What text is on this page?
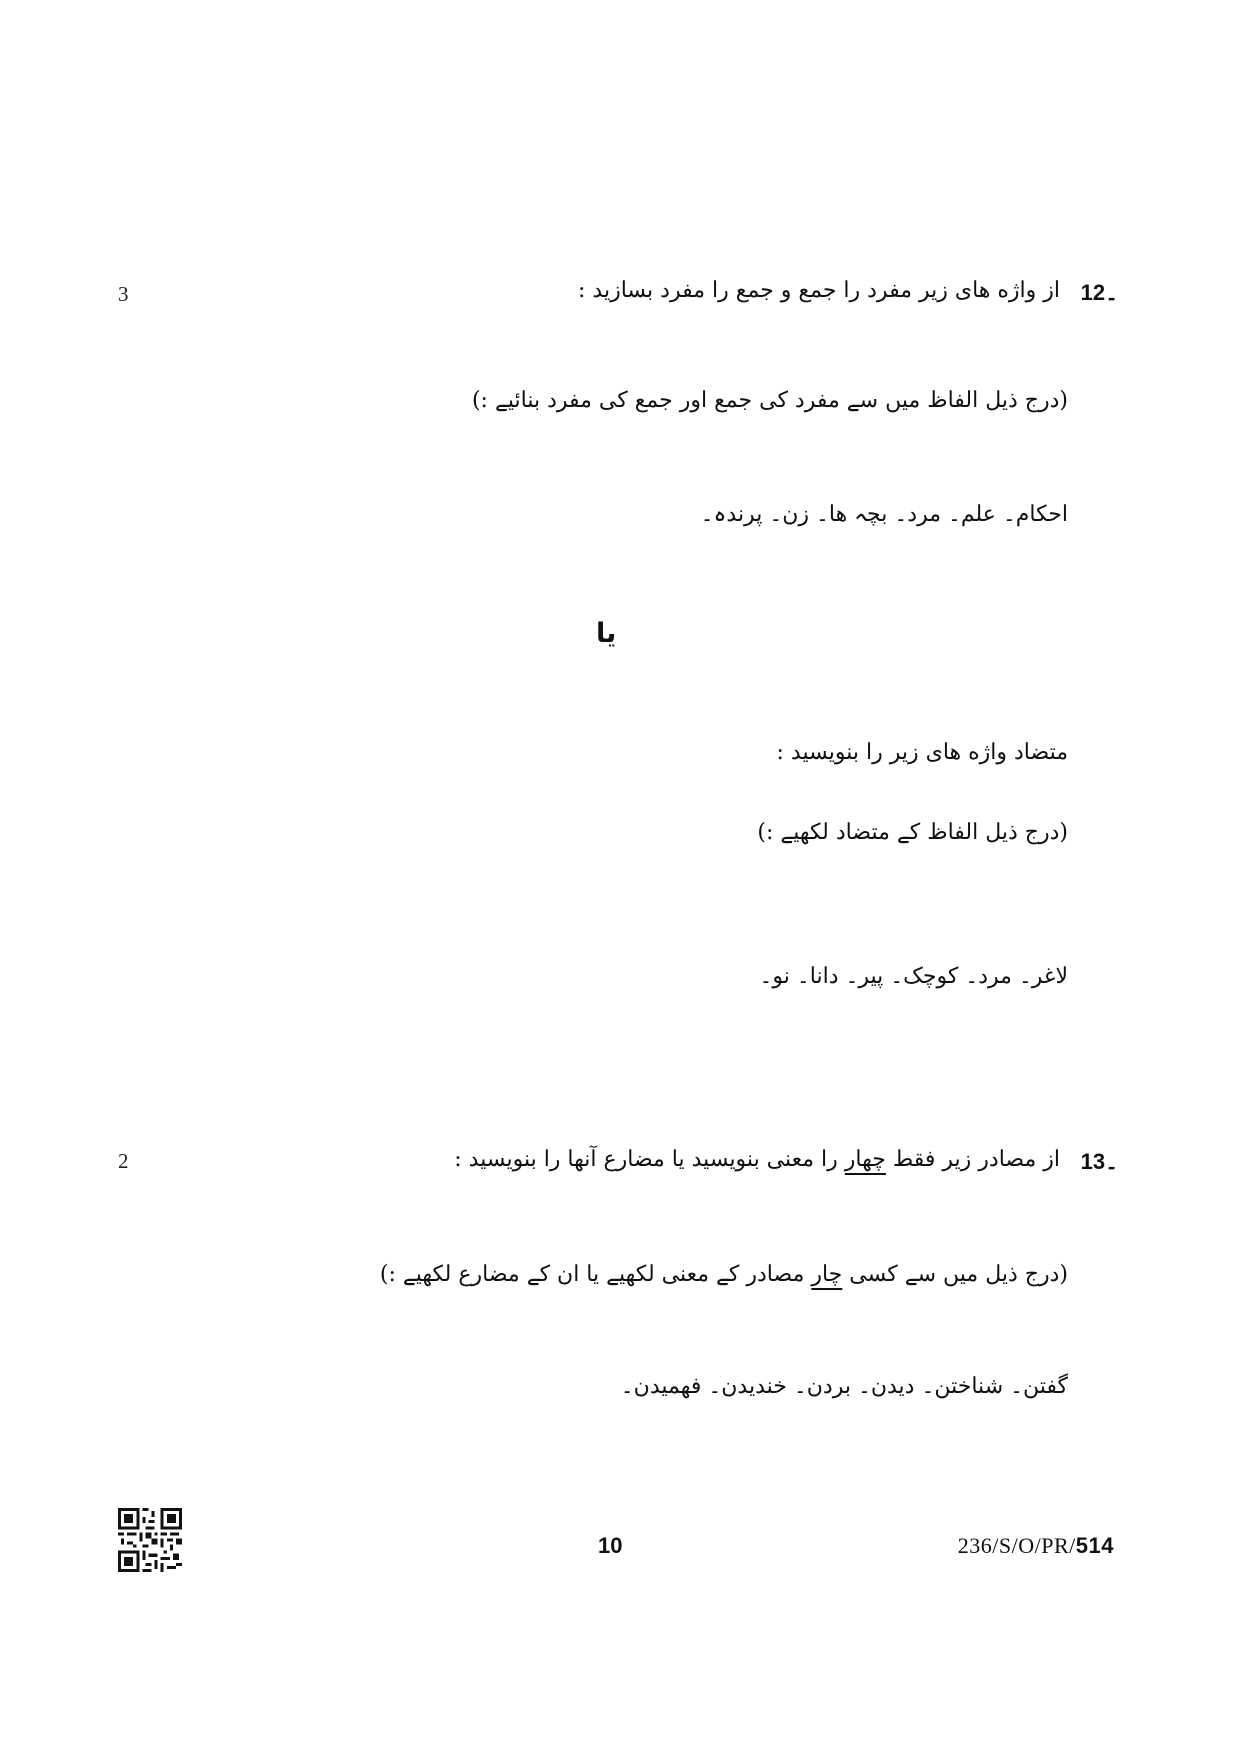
3	12۔
از واژه های زیر مفرد را جمع و جمع را مفرد بسازید :
(درج ذیل الفاظ میں سے مفرد کی جمع اور جمع کی مفرد بنائیے :)
احکام۔ علم۔ مرد۔ بچہ ھا۔ زن۔ پرندہ۔
یا
متضاد واژه های زیر را بنویسید :
(درج ذیل الفاظ کے متضاد لکھیے :)
لاغر۔ مرد۔ کوچک۔ پیر۔ دانا۔ نو۔
2	13۔
از مصادر زیر فقط چهار را معنی بنویسید یا مضارع آنها را بنویسید :
(درج ذیل میں سے کسی چار مصادر کے معنی لکھیے یا ان کے مضارع لکھیے :)
گفتن۔ شناختن۔ دیدن۔ بردن۔ خندیدن۔ فهمیدن۔
10	236/S/O/PR/514
